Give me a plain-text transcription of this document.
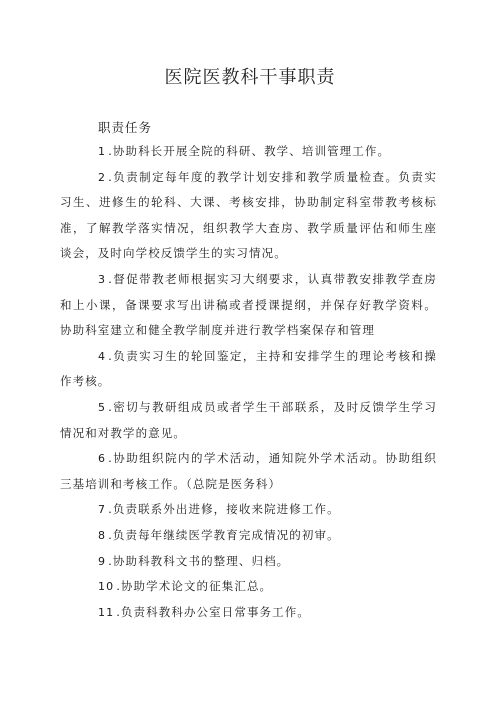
医院医教科干事职责
职责任务

1 .协助科长开展全院的科研、教学、培训管理工作。

2 .负责制定每年度的教学计划安排和教学质量检查。负责实习生、进修生的轮科、大课、考核安排，协助制定科室带教考核标准，了解教学落实情况，组织教学大查房、教学质量评估和师生座谈会，及时向学校反馈学生的实习情况。

3 .督促带教老师根据实习大纲要求，认真带教安排教学查房和上小课，备课要求写出讲稿或者授课提纲，并保存好教学资料。协助科室建立和健全教学制度并进行教学档案保存和管理

4 .负责实习生的轮回鉴定，主持和安排学生的理论考核和操作考核。

5 .密切与教研组成员或者学生干部联系，及时反馈学生学习情况和对教学的意见。

6 .协助组织院内的学术活动，通知院外学术活动。协助组织三基培训和考核工作。（总院是医务科）

7 .负责联系外出进修，接收来院进修工作。

8 .负责每年继续医学教育完成情况的初审。

9 .协助科教科文书的整理、归档。

10 .协助学术论文的征集汇总。

11 .负责科教科办公室日常事务工作。
